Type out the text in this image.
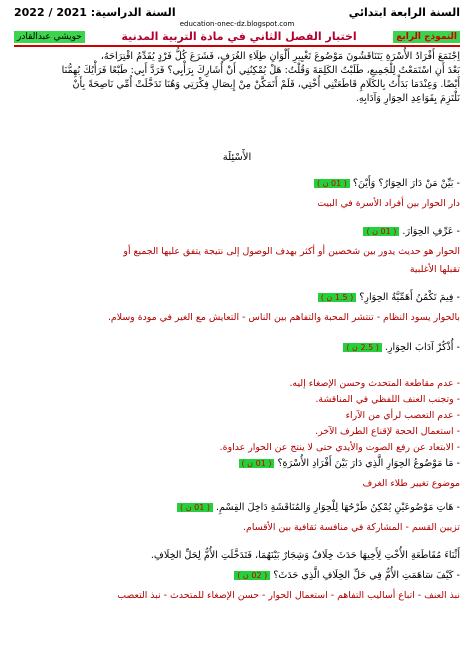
السنة الدراسية: 2021 / 2022	السنة الرابعة ابتدائي
education-onec-dz.blogspot.com
حويشي عبدالقادر	اختبار الفصل الثاني في مادة التربية المدنية	النموذج الرابع
اِجْتَمَعَ أَفْرَادُ الأُسْرَةِ يَتَنَاقَشُونَ مَوْضُوعَ تَغْيِيرِ أَلْوَانِ طِلَاءِ الغُرَفِ، فَشَرَعَ كُلُّ فَرْدٍ يُقَدِّمُ اقْتِرَاحَهُ،
بَعْدَ أَنِ اسْتَمَعْتُ لِلْجَمِيعِ، طَلَبْتُ الكَلِمَةَ وَقُلْتُ: هَلْ يُمْكِنُنِي أَنْ أُشَارِكَ بِرَأْيِي؟ فَرَدَّ أَبِي: طَبْعًا فَرَأْيُكَ يُهِمُّنَا
أَيْضًا. وَعِنْدَمَا بَدَأْتُ بِالكَلَامِ قَاطَعَتْنِي أُخْتِي، فَلَمْ أَتَمَكَّنْ مِنْ إِيصَالِ فِكْرَتِي وَهُنَا تَدَخَّلَتْ أُمِّي نَاصِحَةً بِأَنْ
نَلْتَزِمَ بِقَوَاعِدِ الحِوَارِ وَآدَابِهِ.
الأَسْئِلَة
- بَيِّنْ مَنْ دَارَ الحِوَارُ؟ وَأَيْنَ؟( 01 ن )
دار الحوار بين أفراد الأسرة في البيت
- عَرِّفِ الحِوَارَ.( 01 ن )
الحوار هو حديث يدور بين شخصين أو أكثر بهدف الوصول إلى نتيجة يتفق عليها الجميع أو
تقبلها الأغلبية
- فِيمَ تَكْمُنُ أَهَمِّيَّةُ الحِوَارِ؟( 1.5 ن )
بالحوار يسود النظام - تنتشر المحبة والتفاهم بين الناس - التعايش مع الغير في مودة وسلام.
- أُذْكُرْ آدَابَ الحِوَارِ.( 2.5 ن )
- عدم مقاطعة المتحدث وحسن الإصغاء إليه.
- وتجنب العنف اللفظي في المناقشة.
- عدم التعصب لرأي من الآراء
- استعمال الحجة لإقناع الطرف الآخر.
- الابتعاد عن رفع الصوت والأيدي حتى لا ينتج عن الحوار عداوة.
- مَا مَوْضُوعُ الحِوَارِ الَّذِي دَارَ بَيْنَ أَفْرَادِ الأُسْرَةِ؟( 01 ن )
موضوع تغيير طلاء الغرف
- هَاتِ مَوْضُوعَيْنِ يُمْكِنُ طَرْحُهَا لِلْحِوَارِ وَالمُنَاقَشَةِ دَاخِلَ القِسْمِ.( 01 ن )
تزيين القسم - المشاركة في منافسة ثقافية بين الأقسام.
أَثْنَاءَ مُقَاطَعَةِ الأُخْتِ لِأَخِيهَا حَدَثَ خِلَافٌ وَشِجَارٌ بَيْنَهُمَا، فَتَدَخَّلَتِ الأُمُّ لِحَلِّ الخِلَافِ.
- كَيْفَ سَاهَمَتِ الأُمُّ فِي حَلِّ الخِلَافِ الَّذِي حَدَثَ؟( 02 ن )
نبذ العنف - اتباع أساليب التفاهم - استعمال الحوار - حسن الإصغاء للمتحدث - نبذ التعصب
